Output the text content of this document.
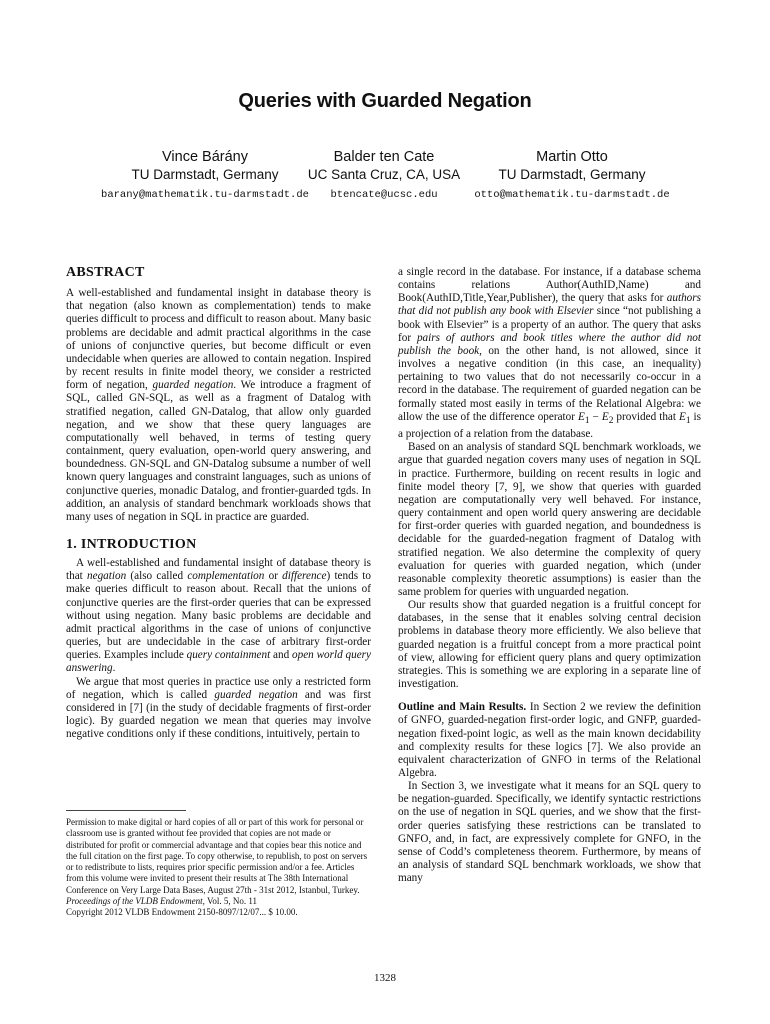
Queries with Guarded Negation
Vince Bárány
TU Darmstadt, Germany
barany@mathematik.tu-darmstadt.de
Balder ten Cate
UC Santa Cruz, CA, USA
btencate@ucsc.edu
Martin Otto
TU Darmstadt, Germany
otto@mathematik.tu-darmstadt.de
ABSTRACT

A well-established and fundamental insight in database theory is that negation (also known as complementation) tends to make queries difficult to process and difficult to reason about. Many basic problems are decidable and admit practical algorithms in the case of unions of conjunctive queries, but become difficult or even undecidable when queries are allowed to contain negation. Inspired by recent results in finite model theory, we consider a restricted form of negation, guarded negation. We introduce a fragment of SQL, called GN-SQL, as well as a fragment of Datalog with stratified negation, called GN-Datalog, that allow only guarded negation, and we show that these query languages are computationally well behaved, in terms of testing query containment, query evaluation, open-world query answering, and boundedness. GN-SQL and GN-Datalog subsume a number of well known query languages and constraint languages, such as unions of conjunctive queries, monadic Datalog, and frontier-guarded tgds. In addition, an analysis of standard benchmark workloads shows that many uses of negation in SQL in practice are guarded.

1. INTRODUCTION

A well-established and fundamental insight of database theory is that negation (also called complementation or difference) tends to make queries difficult to reason about. Recall that the unions of conjunctive queries are the first-order queries that can be expressed without using negation. Many basic problems are decidable and admit practical algorithms in the case of unions of conjunctive queries, but are undecidable in the case of arbitrary first-order queries. Examples include query containment and open world query answering.

We argue that most queries in practice use only a restricted form of negation, which is called guarded negation and was first considered in [7] (in the study of decidable fragments of first-order logic). By guarded negation we mean that queries may involve negative conditions only if these conditions, intuitively, pertain to

Permission to make digital or hard copies of all or part of this work for personal or classroom use is granted without fee provided that copies are not made or distributed for profit or commercial advantage and that copies bear this notice and the full citation on the first page. To copy otherwise, to republish, to post on servers or to redistribute to lists, requires prior specific permission and/or a fee. Articles from this volume were invited to present their results at The 38th International Conference on Very Large Data Bases, August 27th - 31st 2012, Istanbul, Turkey.
Proceedings of the VLDB Endowment, Vol. 5, No. 11
Copyright 2012 VLDB Endowment 2150-8097/12/07... $ 10.00.

a single record in the database. For instance, if a database schema contains relations Author(AuthID,Name) and Book(AuthID,Title,Year,Publisher), the query that asks for authors that did not publish any book with Elsevier since “not publishing a book with Elsevier” is a property of an author. The query that asks for pairs of authors and book titles where the author did not publish the book, on the other hand, is not allowed, since it involves a negative condition (in this case, an inequality) pertaining to two values that do not necessarily co-occur in a record in the database. The requirement of guarded negation can be formally stated most easily in terms of the Relational Algebra: we allow the use of the difference operator $E_1 - E_2$ provided that $E_1$ is a projection of a relation from the database.

Based on an analysis of standard SQL benchmark workloads, we argue that guarded negation covers many uses of negation in SQL in practice. Furthermore, building on recent results in logic and finite model theory [7, 9], we show that queries with guarded negation are computationally very well behaved. For instance, query containment and open world query answering are decidable for first-order queries with guarded negation, and boundedness is decidable for the guarded-negation fragment of Datalog with stratified negation. We also determine the complexity of query evaluation for queries with guarded negation, which (under reasonable complexity theoretic assumptions) is easier than the same problem for queries with unguarded negation.

Our results show that guarded negation is a fruitful concept for databases, in the sense that it enables solving central decision problems in database theory more efficiently. We also believe that guarded negation is a fruitful concept from a more practical point of view, allowing for efficient query plans and query optimization strategies. This is something we are exploring in a separate line of investigation.

Outline and Main Results. In Section 2 we review the definition of GNFO, guarded-negation first-order logic, and GNFP, guarded-negation fixed-point logic, as well as the main known decidability and complexity results for these logics [7]. We also provide an equivalent characterization of GNFO in terms of the Relational Algebra.

In Section 3, we investigate what it means for an SQL query to be negation-guarded. Specifically, we identify syntactic restrictions on the use of negation in SQL queries, and we show that the first-order queries satisfying these restrictions can be translated to GNFO, and, in fact, are expressively complete for GNFO, in the sense of Codd’s completeness theorem. Furthermore, by means of an analysis of standard SQL benchmark workloads, we show that many

1328
